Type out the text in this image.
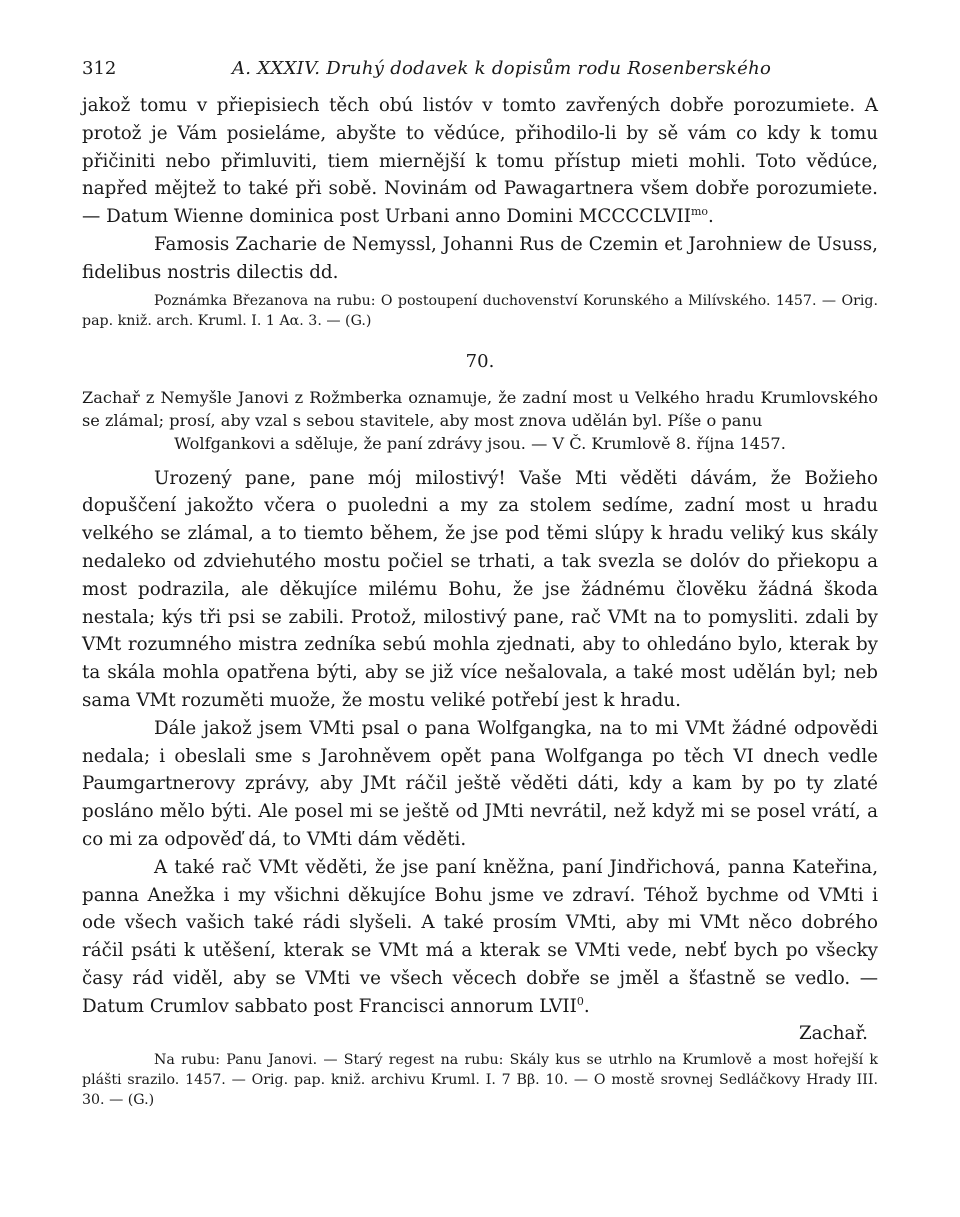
312	A. XXXIV. Druhý dodavek k dopisům rodu Rosenberského

jakož tomu v přiepisiech těch obú listóv v tomto zavřených dobře porozumiete. A protož je Vám posieláme, abyšte to vědúce, přihodilo-li by sě vám co kdy k tomu přičiniti nebo přimluviti, tiem miernější k tomu přístup mieti mohli. Toto vědúce, napřed mějtež to také při sobě. Novinám od Pawagartnera všem dobře porozumiete. — Datum Wienne dominica post Urbani anno Domini $MCCCCLVII^{mo}$.

Famosis Zacharie de Nemyssl, Johanni Rus de Czemin et Jarohniew de Ususs, fidelibus nostris dilectis dd.

Poznámka Březanova na rubu: O postoupení duchovenství Korunského a Milívského. 1457. — Orig. pap. kniž. arch. Kruml. I. 1 Aα. 3. — (G.)

70.

Zachař z Nemyšle Janovi z Rožmberka oznamuje, že zadní most u Velkého hradu Krumlovského se zlámal; prosí, aby vzal s sebou stavitele, aby most znova udělán byl. Píše o panu

Wolfgankovi a sděluje, že paní zdrávy jsou. — V Č. Krumlově 8. října 1457.

Urozený pane, pane mój milostivý! Vaše Mti věděti dávám, že Božieho dopuščení jakožto včera o puoledni a my za stolem sedíme, zadní most u hradu velkého se zlámal, a to tiemto během, že jse pod těmi slúpy k hradu veliký kus skály nedaleko od zdviehutého mostu počiel se trhati, a tak svezla se dolóv do přiekopu a most podrazila, ale děkujíce milému Bohu, že jse žádnému člověku žádná škoda nestala; kýs tři psi se zabili. Protož, milostivý pane, rač VMt na to pomysliti. zdali by VMt rozumného mistra zedníka sebú mohla zjednati, aby to ohledáno bylo, kterak by ta skála mohla opatřena býti, aby se již více nešalovala, a také most udělán byl; neb sama VMt rozuměti muože, že mostu veliké potřebí jest k hradu.

Dále jakož jsem VMti psal o pana Wolfgangka, na to mi VMt žádné odpovědi nedala; i obeslali sme s Jarohněvem opět pana Wolfganga po těch VI dnech vedle Paumgartnerovy zprávy, aby JMt ráčil ještě věděti dáti, kdy a kam by po ty zlaté posláno mělo býti. Ale posel mi se ještě od JMti nevrátil, než když mi se posel vrátí, a co mi za odpověď dá, to VMti dám věděti.

A také rač VMt věděti, že jse paní kněžna, paní Jindřichová, panna Kateřina, panna Anežka i my všichni děkujíce Bohu jsme ve zdraví. Téhož bychme od VMti i ode všech vašich také rádi slyšeli. A také prosím VMti, aby mi VMt něco dobrého ráčil psáti k utěšení, kterak se VMt má a kterak se VMti vede, nebť bych po všecky časy rád viděl, aby se VMti ve všech věcech dobře se jměl a šťastně se vedlo. — Datum Crumlov sabbato post Francisci annorum LVII$^0$.

Zachař.

Na rubu: Panu Janovi. — Starý regest na rubu: Skály kus se utrhlo na Krumlově a most hořejší k plášti srazilo. 1457. — Orig. pap. kniž. archivu Kruml. I. 7 Bβ. 10. — O mostě srovnej Sedláčkovy Hrady III. 30. — (G.)
